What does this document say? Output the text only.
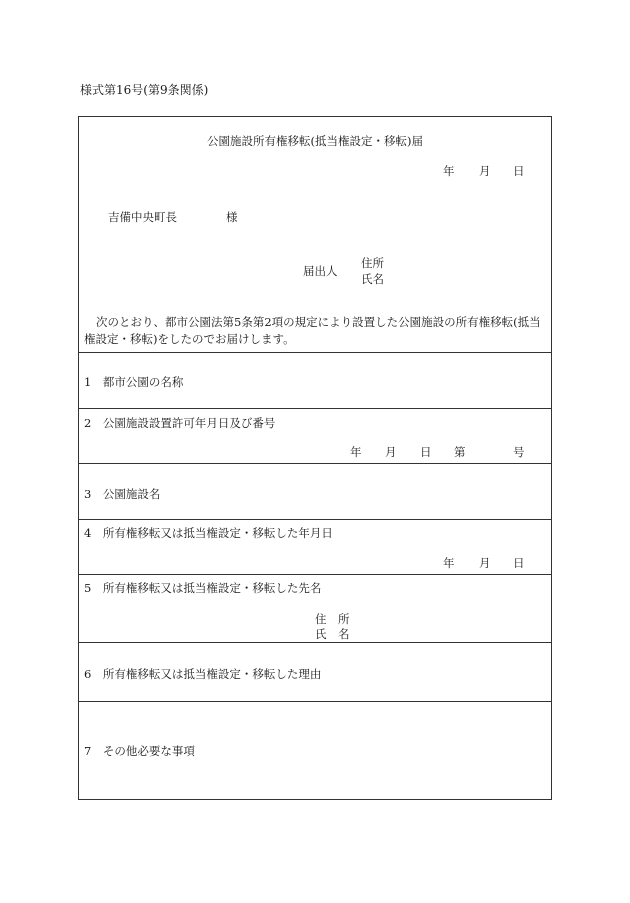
様式第16号(第9条関係)
公園施設所有権移転(抵当権設定・移転)届
年 月 日
吉備中央町長	様
届出人
住所
氏名
次のとおり、都市公園法第5条第2項の規定により設置した公園施設の所有権移転(抵当権設定・移転)をしたのでお届けします。
1　都市公園の名称
2　公園施設設置許可年月日及び番号
年 月 日 第	号
3　公園施設名
4　所有権移転又は抵当権設定・移転した年月日
年 月 日
5　所有権移転又は抵当権設定・移転した先名
住　所
氏　名
6　所有権移転又は抵当権設定・移転した理由
7　その他必要な事項
